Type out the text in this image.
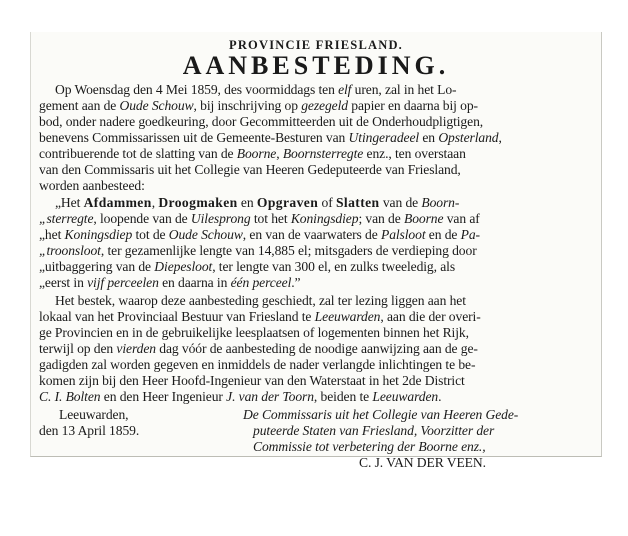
PROVINCIE FRIESLAND.
AANBESTEDING.
Op Woensdag den 4 Mei 1859, des voormiddags ten elf uren, zal in het Lo-
gement aan de Oude Schouw, bij inschrijving op gezegeld papier en daarna bij op-
bod, onder nadere goedkeuring, door Gecommitteerden uit de Onderhoudpligtigen,
benevens Commissarissen uit de Gemeente-Besturen van Utingeradeel en Opsterland,
contribuerende tot de slatting van de Boorne, Boornsterregte enz., ten overstaan
van den Commissaris uit het Collegie van Heeren Gedeputeerde van Friesland,
worden aanbesteed:
„Het Afdammen, Droogmaken en Opgraven of Slatten van de Boorn-
„sterregte, loopende van de Uilesprong tot het Koningsdiep; van de Boorne van af
„het Koningsdiep tot de Oude Schouw, en van de vaarwaters de Palsloot en de Pa-
„troonsloot, ter gezamenlijke lengte van 14,885 el; mitsgaders de verdieping door
„uitbaggering van de Diepesloot, ter lengte van 300 el, en zulks tweeledig, als
„eerst in vijf perceelen en daarna in één perceel.”
Het bestek, waarop deze aanbesteding geschiedt, zal ter lezing liggen aan het
lokaal van het Provinciaal Bestuur van Friesland te Leeuwarden, aan die der overi-
ge Provincien en in de gebruikelijke leesplaatsen of logementen binnen het Rijk,
terwijl op den vierden dag vóór de aanbesteding de noodige aanwijzing aan de ge-
gadigden zal worden gegeven en inmiddels de nader verlangde inlichtingen te be-
komen zijn bij den Heer Hoofd-Ingenieur van den Waterstaat in het 2de District
C. I. Bolten en den Heer Ingenieur J. van der Toorn, beiden te Leeuwarden.
Leeuwarden,
den 13 April 1859.
De Commissaris uit het Collegie van Heeren Gede-
puteerde Staten van Friesland, Voorzitter der
Commissie tot verbetering der Boorne enz.,
C. J. VAN DER VEEN.
